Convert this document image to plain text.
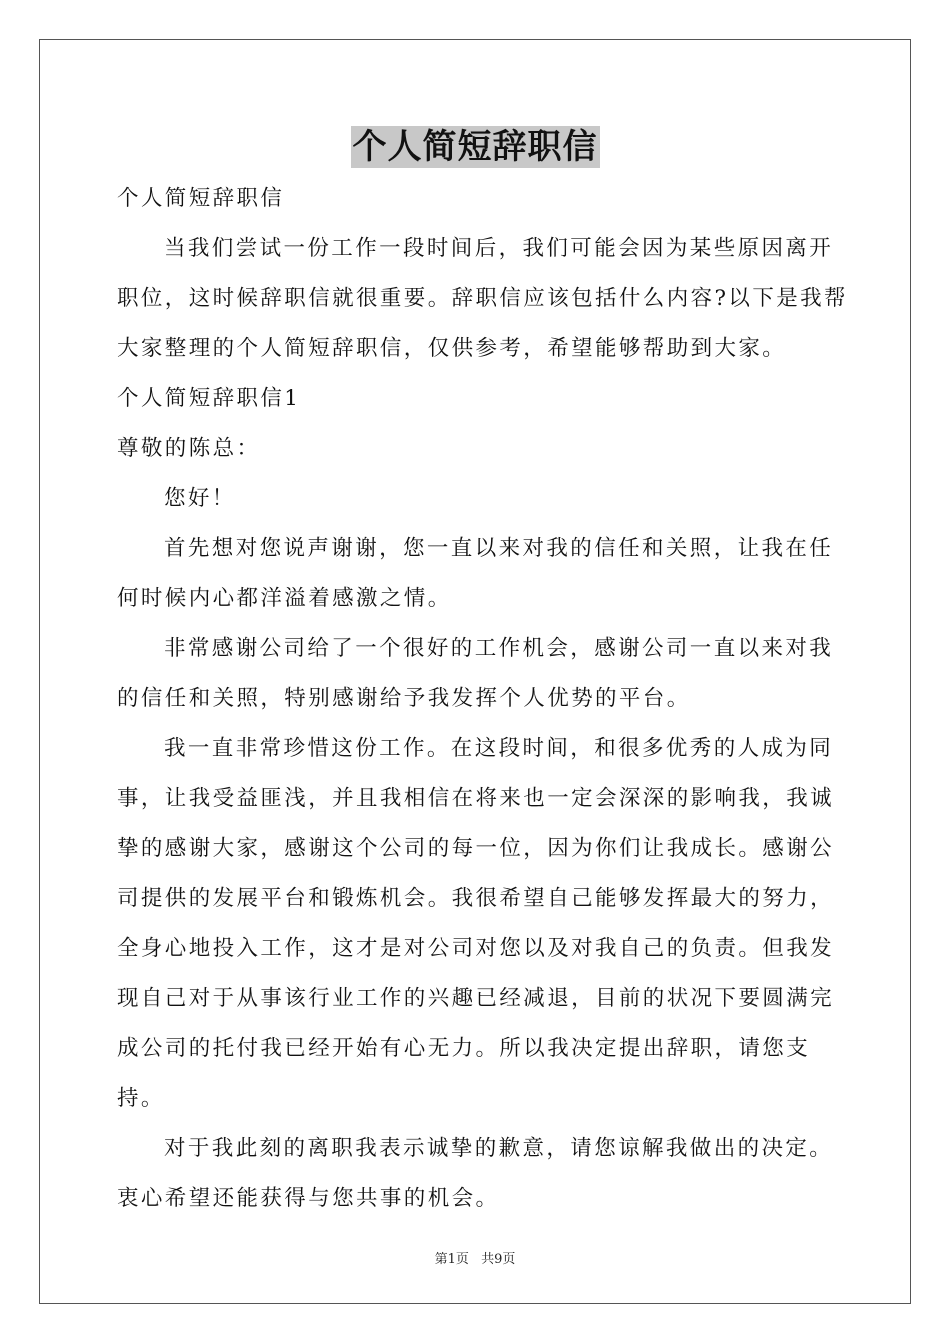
个人简短辞职信
个人简短辞职信

当我们尝试一份工作一段时间后，我们可能会因为某些原因离开职位，这时候辞职信就很重要。辞职信应该包括什么内容?以下是我帮大家整理的个人简短辞职信，仅供参考，希望能够帮助到大家。

个人简短辞职信1
尊敬的陈总：

您好！

首先想对您说声谢谢，您一直以来对我的信任和关照，让我在任何时候内心都洋溢着感激之情。

非常感谢公司给了一个很好的工作机会，感谢公司一直以来对我的信任和关照，特别感谢给予我发挥个人优势的平台。

我一直非常珍惜这份工作。在这段时间，和很多优秀的人成为同事，让我受益匪浅，并且我相信在将来也一定会深深的影响我，我诚挚的感谢大家，感谢这个公司的每一位，因为你们让我成长。感谢公司提供的发展平台和锻炼机会。我很希望自己能够发挥最大的努力，全身心地投入工作，这才是对公司对您以及对我自己的负责。但我发现自己对于从事该行业工作的兴趣已经减退，目前的状况下要圆满完成公司的托付我已经开始有心无力。所以我决定提出辞职，请您支持。

对于我此刻的离职我表示诚挚的歉意，请您谅解我做出的决定。衷心希望还能获得与您共事的机会。

第1页 共9页
